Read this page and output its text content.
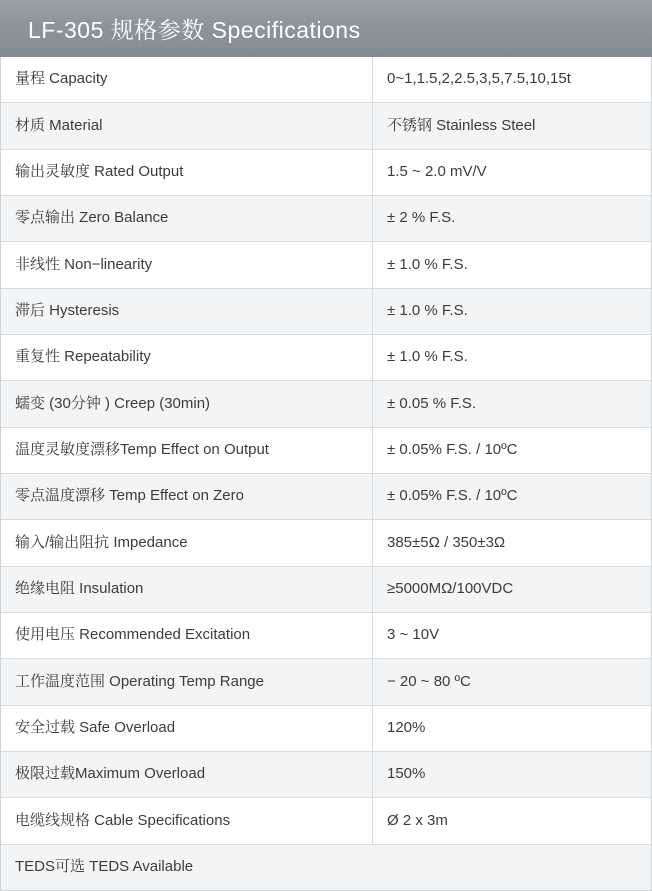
LF-305 规格参数 Specifications
量程 Capacity	0~1,1.5,2,2.5,3,5,7.5,10,15t
材质 Material	不锈钢 Stainless Steel
输出灵敏度 Rated Output	1.5 ~ 2.0 mV/V
零点输出 Zero Balance	± 2 % F.S.
非线性 Non−linearity	± 1.0 % F.S.
滞后 Hysteresis	± 1.0 % F.S.
重复性 Repeatability	± 1.0 % F.S.
蠕变 (30分钟 ) Creep (30min)	± 0.05 % F.S.
温度灵敏度漂移Temp Effect on Output	± 0.05% F.S. / 10ºC
零点温度漂移 Temp Effect on Zero	± 0.05% F.S. / 10ºC
输入/输出阻抗 Impedance	385±5Ω / 350±3Ω
绝缘电阻 Insulation	≥5000MΩ/100VDC
使用电压 Recommended Excitation	3 ~ 10V
工作温度范围 Operating Temp Range	− 20 ~ 80 ºC
安全过载 Safe Overload	120%
极限过载Maximum Overload	150%
电缆线规格 Cable Specifications	Ø 2 x 3m
TEDS可选 TEDS Available
